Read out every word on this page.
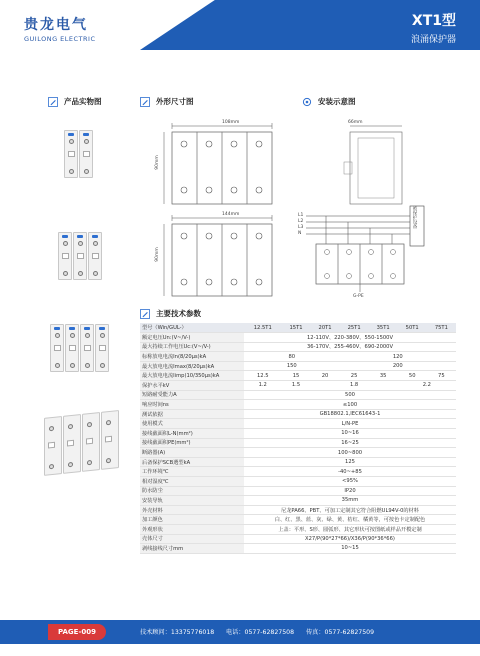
贵龙电气
GUILONG ELECTRIC
XT1型
浪涌保护器
产品实物图	外形尺寸图	安装示意图
主要技术参数
108mm
90mm
144mm
90mm
66mm
L1
L2
L3
N
被保护设备
G-PE
型号（Win/GUL-）	12.5T1	15T1	20T1	25T1	35T1	50T1	75T1
额定电压Un:(V~/V-)	12-110V、220-380V、550-1500V						
最大持续工作电压Uc:(V~/V-)	36-170V、255-460V、690-2000V						
标称放电电流In(8/20μs)kA	80			120			
最大放电电流Imax(8/20μs)kA	150			200			
最大放电电流Iimp(10/350μs)kA	12.5	15	20	25	35	50	75
保护水平kV	1.2	1.5	1.8			2.2	
短路耐受能力A	500						
响应时间ns	≤100						
测试依据	GB18802.1,IEC61643-1						
使用模式	L/N-PE						
接线截面积L-N(mm²)	10~16						
接线截面积PE(mm²)	16~25						
断路器(A)	100~800						
后备保护SCB選型kA	125						
工作环境℃	-40~+85						
相对湿度℃	<95%						
防水防尘	IP20						
安装导轨	35mm						
外壳材料	尼龙PA66、PBT、可加工定制其它符合阻燃UL94V-0的材料						
加工颜色	白、红、黑、蓝、灰、绿、黄、桔红、橘黄等，可按色卡定制配色						
外观形状	上盖：平形、S形、圆弧形、其它形状可按图纸或样品开模定制						
壳体尺寸	X27/P(90*27*66)/X36/P(90*36*66)						
剥线接线尺寸mm	10~15						
PAGE-009	技术顾问：13375776018 电话：0577-62827508 传真：0577-62827509
